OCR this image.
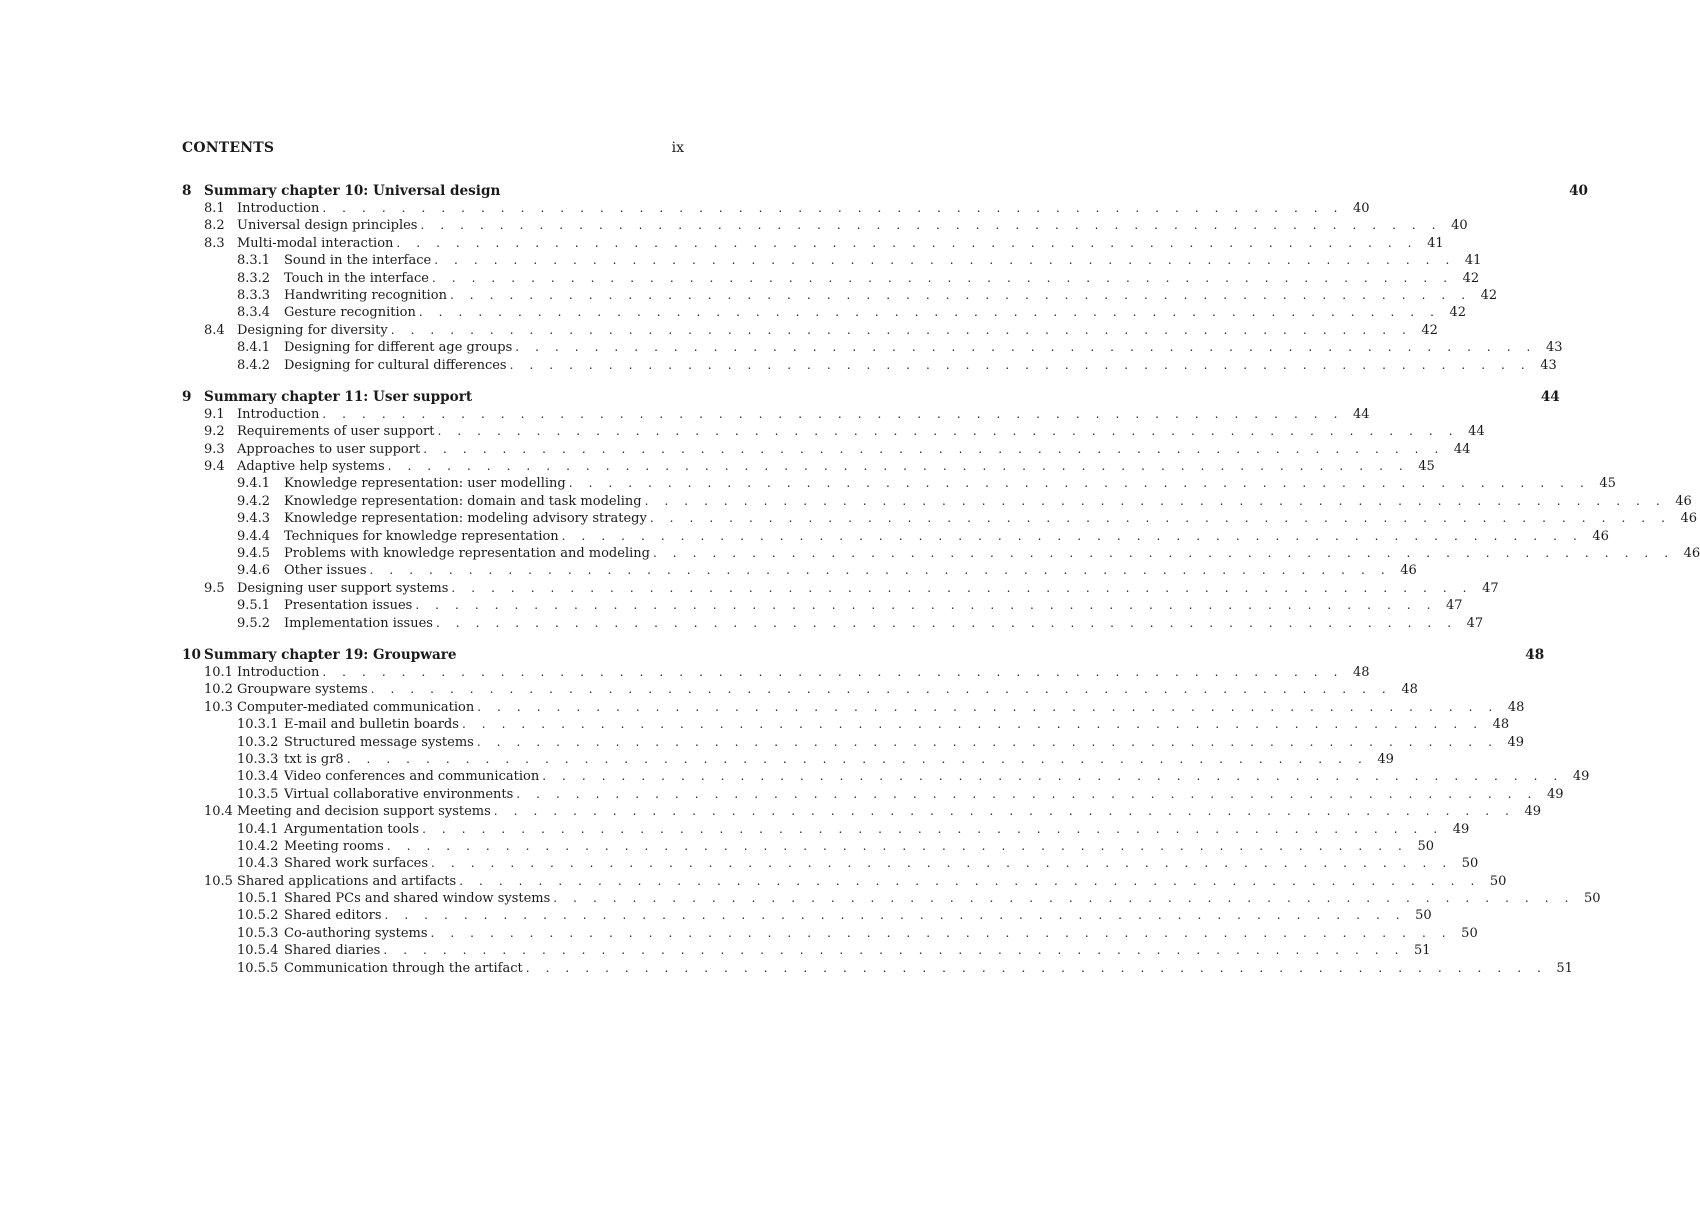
CONTENTS	ix
8 Summary chapter 10: Universal design	40
8.1 Introduction . . . . . . . . . . . . . . . . . . . . . . . . . . . . . . . . . . . . . . . . . . . . . . . . . . . . 40
8.2 Universal design principles . . . . . . . . . . . . . . . . . . . . . . . . . . . . . . . . . . . . . . . . . . . . . . . . . . . . 40
8.3 Multi-modal interaction . . . . . . . . . . . . . . . . . . . . . . . . . . . . . . . . . . . . . . . . . . . . . . . . . . . . 41
8.3.1	Sound in the interface . . . . . . . . . . . . . . . . . . . . . . . . . . . . . . . . . . . . . . . . . . . . . . . . . . . . 41
8.3.2	Touch in the interface . . . . . . . . . . . . . . . . . . . . . . . . . . . . . . . . . . . . . . . . . . . . . . . . . . . . 42
8.3.3	Handwriting recognition . . . . . . . . . . . . . . . . . . . . . . . . . . . . . . . . . . . . . . . . . . . . . . . . . . . . 42
8.3.4	Gesture recognition . . . . . . . . . . . . . . . . . . . . . . . . . . . . . . . . . . . . . . . . . . . . . . . . . . . . 42
8.4 Designing for diversity . . . . . . . . . . . . . . . . . . . . . . . . . . . . . . . . . . . . . . . . . . . . . . . . . . . . 42
8.4.1	Designing for different age groups . . . . . . . . . . . . . . . . . . . . . . . . . . . . . . . . . . . . . . . . . . . . . . . . . . . . 43
8.4.2	Designing for cultural differences . . . . . . . . . . . . . . . . . . . . . . . . . . . . . . . . . . . . . . . . . . . . . . . . . . . . 43
9 Summary chapter 11: User support	44
9.1 Introduction . . . . . . . . . . . . . . . . . . . . . . . . . . . . . . . . . . . . . . . . . . . . . . . . . . . . 44
9.2 Requirements of user support . . . . . . . . . . . . . . . . . . . . . . . . . . . . . . . . . . . . . . . . . . . . . . . . . . . . 44
9.3 Approaches to user support . . . . . . . . . . . . . . . . . . . . . . . . . . . . . . . . . . . . . . . . . . . . . . . . . . . . 44
9.4 Adaptive help systems . . . . . . . . . . . . . . . . . . . . . . . . . . . . . . . . . . . . . . . . . . . . . . . . . . . . 45
9.4.1	Knowledge representation: user modelling . . . . . . . . . . . . . . . . . . . . . . . . . . . . . . . . . . . . . . . . . . . . . . . . . . . . 45
9.4.2	Knowledge representation: domain and task modeling . . . . . . . . . . . . . . . . . . . . . . . . . . . . . . . . . . . . . . . . . . . . . . . . . . . . 46
9.4.3	Knowledge representation: modeling advisory strategy . . . . . . . . . . . . . . . . . . . . . . . . . . . . . . . . . . . . . . . . . . . . . . . . . . . . 46
9.4.4	Techniques for knowledge representation . . . . . . . . . . . . . . . . . . . . . . . . . . . . . . . . . . . . . . . . . . . . . . . . . . . . 46
9.4.5	Problems with knowledge representation and modeling . . . . . . . . . . . . . . . . . . . . . . . . . . . . . . . . . . . . . . . . . . . . . . . . . . . . 46
9.4.6	Other issues . . . . . . . . . . . . . . . . . . . . . . . . . . . . . . . . . . . . . . . . . . . . . . . . . . . . 46
9.5 Designing user support systems . . . . . . . . . . . . . . . . . . . . . . . . . . . . . . . . . . . . . . . . . . . . . . . . . . . . 47
9.5.1	Presentation issues . . . . . . . . . . . . . . . . . . . . . . . . . . . . . . . . . . . . . . . . . . . . . . . . . . . . 47
9.5.2	Implementation issues . . . . . . . . . . . . . . . . . . . . . . . . . . . . . . . . . . . . . . . . . . . . . . . . . . . . 47
10 Summary chapter 19: Groupware	48
10.1 Introduction . . . . . . . . . . . . . . . . . . . . . . . . . . . . . . . . . . . . . . . . . . . . . . . . . . . . 48
10.2 Groupware systems . . . . . . . . . . . . . . . . . . . . . . . . . . . . . . . . . . . . . . . . . . . . . . . . . . . . 48
10.3 Computer-mediated communication . . . . . . . . . . . . . . . . . . . . . . . . . . . . . . . . . . . . . . . . . . . . . . . . . . . . 48
10.3.1 E-mail and bulletin boards . . . . . . . . . . . . . . . . . . . . . . . . . . . . . . . . . . . . . . . . . . . . . . . . . . . . 48
10.3.2 Structured message systems . . . . . . . . . . . . . . . . . . . . . . . . . . . . . . . . . . . . . . . . . . . . . . . . . . . . 49
10.3.3 txt is gr8 . . . . . . . . . . . . . . . . . . . . . . . . . . . . . . . . . . . . . . . . . . . . . . . . . . . . 49
10.3.4 Video conferences and communication . . . . . . . . . . . . . . . . . . . . . . . . . . . . . . . . . . . . . . . . . . . . . . . . . . . . 49
10.3.5 Virtual collaborative environments . . . . . . . . . . . . . . . . . . . . . . . . . . . . . . . . . . . . . . . . . . . . . . . . . . . . 49
10.4 Meeting and decision support systems . . . . . . . . . . . . . . . . . . . . . . . . . . . . . . . . . . . . . . . . . . . . . . . . . . . . 49
10.4.1 Argumentation tools . . . . . . . . . . . . . . . . . . . . . . . . . . . . . . . . . . . . . . . . . . . . . . . . . . . . 49
10.4.2 Meeting rooms . . . . . . . . . . . . . . . . . . . . . . . . . . . . . . . . . . . . . . . . . . . . . . . . . . . . 50
10.4.3 Shared work surfaces . . . . . . . . . . . . . . . . . . . . . . . . . . . . . . . . . . . . . . . . . . . . . . . . . . . . 50
10.5 Shared applications and artifacts . . . . . . . . . . . . . . . . . . . . . . . . . . . . . . . . . . . . . . . . . . . . . . . . . . . . 50
10.5.1 Shared PCs and shared window systems . . . . . . . . . . . . . . . . . . . . . . . . . . . . . . . . . . . . . . . . . . . . . . . . . . . . 50
10.5.2 Shared editors . . . . . . . . . . . . . . . . . . . . . . . . . . . . . . . . . . . . . . . . . . . . . . . . . . . . 50
10.5.3 Co-authoring systems . . . . . . . . . . . . . . . . . . . . . . . . . . . . . . . . . . . . . . . . . . . . . . . . . . . . 50
10.5.4 Shared diaries . . . . . . . . . . . . . . . . . . . . . . . . . . . . . . . . . . . . . . . . . . . . . . . . . . . . 51
10.5.5 Communication through the artifact . . . . . . . . . . . . . . . . . . . . . . . . . . . . . . . . . . . . . . . . . . . . . . . . . . . . 51
